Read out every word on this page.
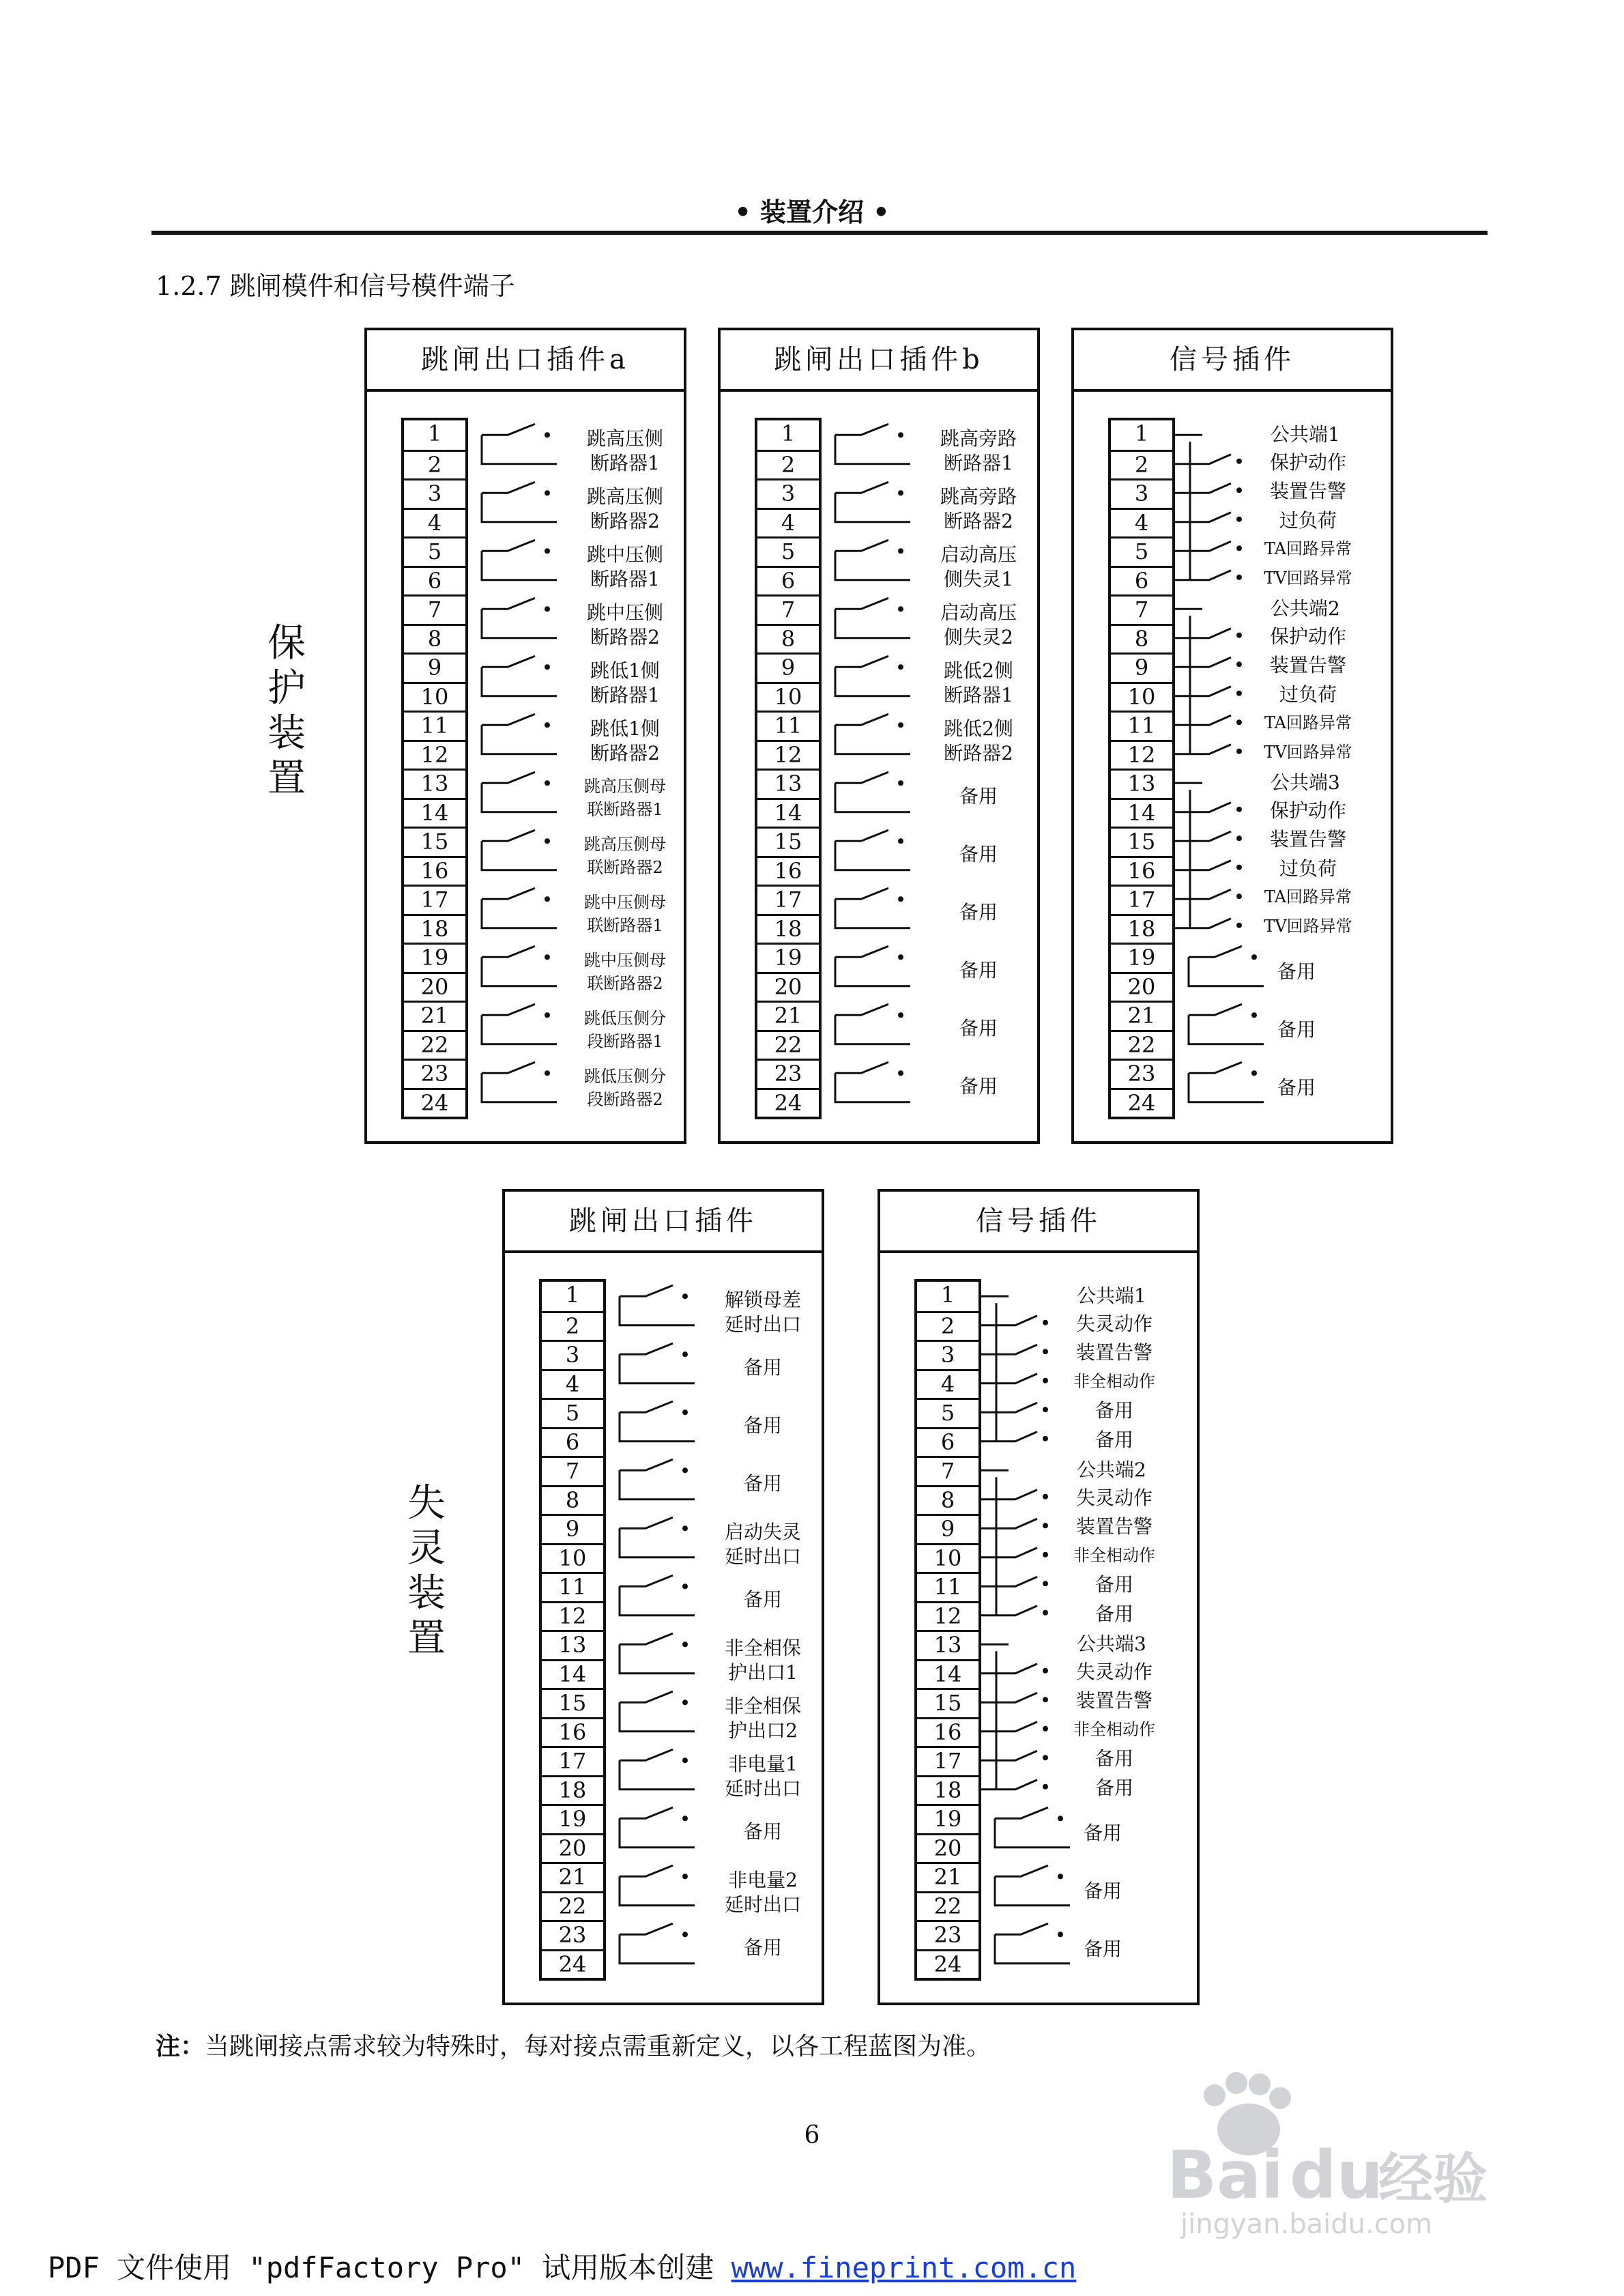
• 装置介绍 •
1.2.7 跳闸模件和信号模件端子
保
护
装
置
失
灵
装
置
跳闸出口插件a
1
2
3
4
5
6
7
8
9
10
11
12
13
14
15
16
17
18
19
20
21
22
23
24
跳高压侧
断路器1
跳高压侧
断路器2
跳中压侧
断路器1
跳中压侧
断路器2
跳低1侧
断路器1
跳低1侧
断路器2
跳高压侧母
联断路器1
跳高压侧母
联断路器2
跳中压侧母
联断路器1
跳中压侧母
联断路器2
跳低压侧分
段断路器1
跳低压侧分
段断路器2
跳闸出口插件b
1
2
3
4
5
6
7
8
9
10
11
12
13
14
15
16
17
18
19
20
21
22
23
24
跳高旁路
断路器1
跳高旁路
断路器2
启动高压
侧失灵1
启动高压
侧失灵2
跳低2侧
断路器1
跳低2侧
断路器2
备用
备用
备用
备用
备用
备用
信号插件
1
2
3
4
5
6
7
8
9
10
11
12
13
14
15
16
17
18
19
20
21
22
23
24
公共端1
保护动作
装置告警
过负荷
TA回路异常
TV回路异常
公共端2
保护动作
装置告警
过负荷
TA回路异常
TV回路异常
公共端3
保护动作
装置告警
过负荷
TA回路异常
TV回路异常
备用
备用
备用
跳闸出口插件
1
2
3
4
5
6
7
8
9
10
11
12
13
14
15
16
17
18
19
20
21
22
23
24
解锁母差
延时出口
备用
备用
备用
启动失灵
延时出口
备用
非全相保
护出口1
非全相保
护出口2
非电量1
延时出口
备用
非电量2
延时出口
备用
信号插件
1
2
3
4
5
6
7
8
9
10
11
12
13
14
15
16
17
18
19
20
21
22
23
24
公共端1
失灵动作
装置告警
非全相动作
备用
备用
公共端2
失灵动作
装置告警
非全相动作
备用
备用
公共端3
失灵动作
装置告警
非全相动作
备用
备用
备用
备用
备用
注：当跳闸接点需求较为特殊时，每对接点需重新定义，以各工程蓝图为准。
6
PDF 文件使用 "pdfFactory Pro" 试用版本创建 www.fineprint.com.cn
Bai du
经验
jingyan.baidu.com
